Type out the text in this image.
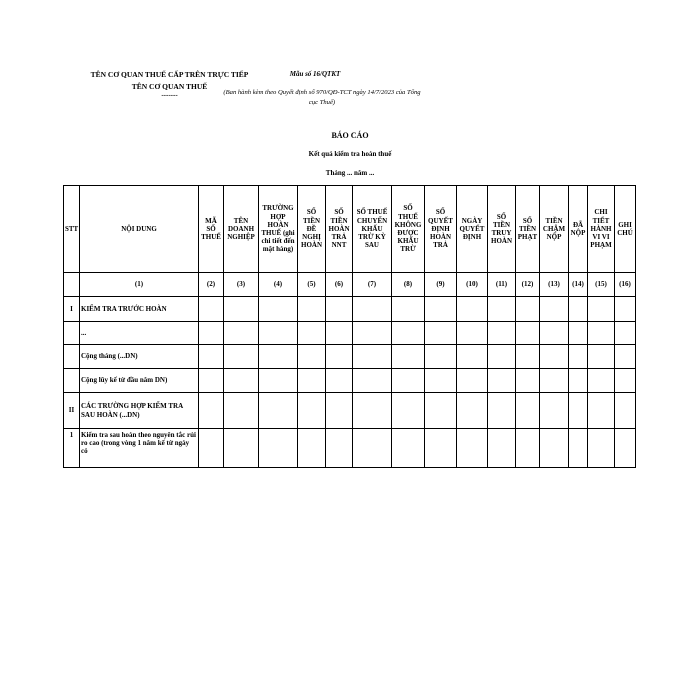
TÊN CƠ QUAN THUẾ CẤP TRÊN TRỰC TIẾP
TÊN CƠ QUAN THUẾ
-------
Mẫu số 16/QTKT
(Ban hành kèm theo Quyết định số 970/QĐ-TCT ngày 14/7/2023 của Tổng cục Thuế)
BÁO CÁO
Kết quả kiểm tra hoàn thuế
Tháng ... năm ...
STT	NỘI DUNG	MÃ SỐ THUẾ	TÊN DOANH NGHIỆP	TRƯỜNG HỢP HOÀN THUẾ (ghi chi tiết đến mặt hàng)	SỐ TIỀN ĐỀ NGHỊ HOÀN	SỐ TIỀN HOÀN TRẢ NNT	SỐ THUẾ CHUYỂN KHẤU TRỪ KỲ SAU	SỐ THUẾ KHÔNG ĐƯỢC KHẤU TRỪ	SỐ QUYẾT ĐỊNH HOÀN TRẢ	NGÀY QUYẾT ĐỊNH	SỐ TIỀN TRUY HOÀN	SỐ TIỀN PHẠT	TIỀN CHẬM NỘP	ĐÃ NỘP	CHI TIẾT HÀNH VI VI PHẠM	GHI CHÚ
	(1)	(2)	(3)	(4)	(5)	(6)	(7)	(8)	(9)	(10)	(11)	(12)	(13)	(14)	(15)	(16)
I	KIỂM TRA TRƯỚC HOÀN															
	...															
	Cộng tháng (...DN)															
	Cộng lũy kế từ đầu năm DN)															
II	CÁC TRƯỜNG HỢP KIỂM TRA SAU HOÀN (...DN)															
1	Kiểm tra sau hoàn theo nguyên tắc rủi ro cao (trong vòng 1 năm kể từ ngày có															
